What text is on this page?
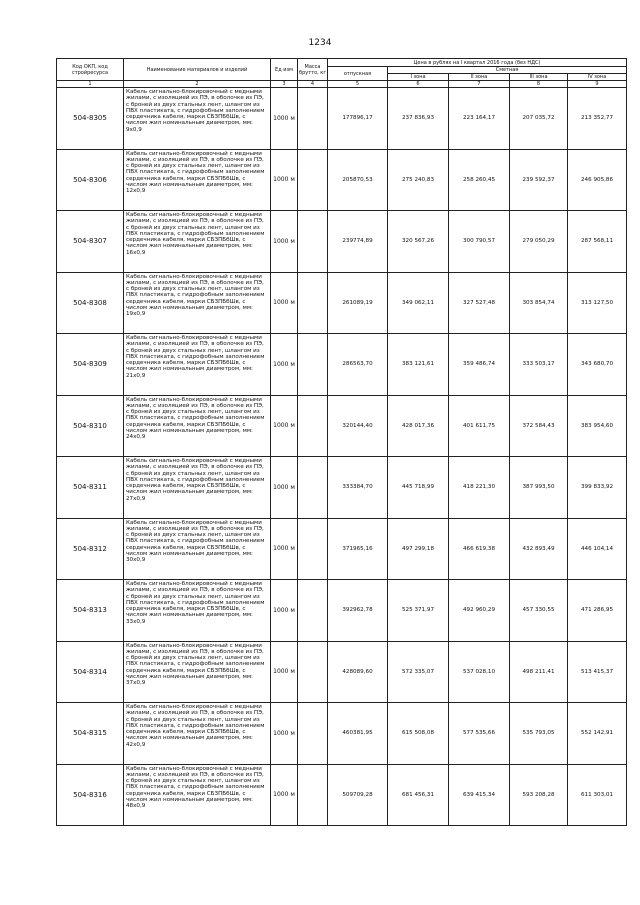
1234
Код ОКП, код стройресурса	Наименование материалов и изделий	Ед изм	Масса брутто, кг	Цена в рублях на I квартал 2016 года (без НДС)				
				отпускная	Сметная			
					I зона	II зона	III зона	IV зона
1	2	3	4	5	6	7	8	9
504-8305	Кабель сигнально-блокировочный с медными жилами, с изоляцией из ПЭ, в оболочке из ПЭ, с броней из двух стальных лент, шлангом из ПВХ пластиката, с гидрофобным заполнением сердечника кабеля, марки СБЗПБбШв, с числом жил номинальным диаметром, мм: 9х0,9	1000 м		177896,17	237 836,93	223 164,17	207 035,72	213 352,77
504-8306	Кабель сигнально-блокировочный с медными жилами, с изоляцией из ПЭ, в оболочке из ПЭ, с броней из двух стальных лент, шлангом из ПВХ пластиката, с гидрофобным заполнением сердечника кабеля, марки СБЗПБбШв, с числом жил номинальным диаметром, мм: 12х0,9	1000 м		205870,53	275 240,83	258 260,45	239 592,37	246 905,86
504-8307	Кабель сигнально-блокировочный с медными жилами, с изоляцией из ПЭ, в оболочке из ПЭ, с броней из двух стальных лент, шлангом из ПВХ пластиката, с гидрофобным заполнением сердечника кабеля, марки СБЗПБбШв, с числом жил номинальным диаметром, мм: 16х0,9	1000 м		239774,89	320 567,26	300 790,57	279 050,29	287 568,11
504-8308	Кабель сигнально-блокировочный с медными жилами, с изоляцией из ПЭ, в оболочке из ПЭ, с броней из двух стальных лент, шлангом из ПВХ пластиката, с гидрофобным заполнением сердечника кабеля, марки СБЗПБбШв, с числом жил номинальным диаметром, мм: 19х0,9	1000 м		261089,19	349 062,11	327 527,48	303 854,74	313 127,50
504-8309	Кабель сигнально-блокировочный с медными жилами, с изоляцией из ПЭ, в оболочке из ПЭ, с броней из двух стальных лент, шлангом из ПВХ пластиката, с гидрофобным заполнением сердечника кабеля, марки СБЗПБбШв, с числом жил номинальным диаметром, мм: 21х0,9	1000 м		286563,70	383 121,61	359 486,74	333 503,17	343 680,70
504-8310	Кабель сигнально-блокировочный с медными жилами, с изоляцией из ПЭ, в оболочке из ПЭ, с броней из двух стальных лент, шлангом из ПВХ пластиката, с гидрофобным заполнением сердечника кабеля, марки СБЗПБбШв, с числом жил номинальным диаметром, мм: 24х0,9	1000 м		320144,40	428 017,36	401 611,75	372 584,43	383 954,60
504-8311	Кабель сигнально-блокировочный с медными жилами, с изоляцией из ПЭ, в оболочке из ПЭ, с броней из двух стальных лент, шлангом из ПВХ пластиката, с гидрофобным заполнением сердечника кабеля, марки СБЗПБбШв, с числом жил номинальным диаметром, мм: 27х0,9	1000 м		333384,70	445 718,99	418 221,30	387 993,50	399 833,92
504-8312	Кабель сигнально-блокировочный с медными жилами, с изоляцией из ПЭ, в оболочке из ПЭ, с броней из двух стальных лент, шлангом из ПВХ пластиката, с гидрофобным заполнением сердечника кабеля, марки СБЗПБбШв, с числом жил номинальным диаметром, мм: 30х0,9	1000 м		371965,16	497 299,18	466 619,38	432 893,49	446 104,14
504-8313	Кабель сигнально-блокировочный с медными жилами, с изоляцией из ПЭ, в оболочке из ПЭ, с броней из двух стальных лент, шлангом из ПВХ пластиката, с гидрофобным заполнением сердечника кабеля, марки СБЗПБбШв, с числом жил номинальным диаметром, мм: 33х0,9	1000 м		392962,78	525 371,97	492 960,29	457 330,55	471 286,95
504-8314	Кабель сигнально-блокировочный с медными жилами, с изоляцией из ПЭ, в оболочке из ПЭ, с броней из двух стальных лент, шлангом из ПВХ пластиката, с гидрофобным заполнением сердечника кабеля, марки СБЗПБбШв, с числом жил номинальным диаметром, мм: 37х0,9	1000 м		428089,60	572 335,07	537 028,10	498 211,41	513 415,37
504-8315	Кабель сигнально-блокировочный с медными жилами, с изоляцией из ПЭ, в оболочке из ПЭ, с броней из двух стальных лент, шлангом из ПВХ пластиката, с гидрофобным заполнением сердечника кабеля, марки СБЗПБбШв, с числом жил номинальным диаметром, мм: 42х0,9	1000 м		460381,95	615 508,08	577 535,66	535 793,05	552 142,91
504-8316	Кабель сигнально-блокировочный с медными жилами, с изоляцией из ПЭ, в оболочке из ПЭ, с броней из двух стальных лент, шлангом из ПВХ пластиката, с гидрофобным заполнением сердечника кабеля, марки СБЗПБбШв, с числом жил номинальным диаметром, мм: 48х0,9	1000 м		509709,28	681 456,31	639 415,34	593 208,28	611 303,01
